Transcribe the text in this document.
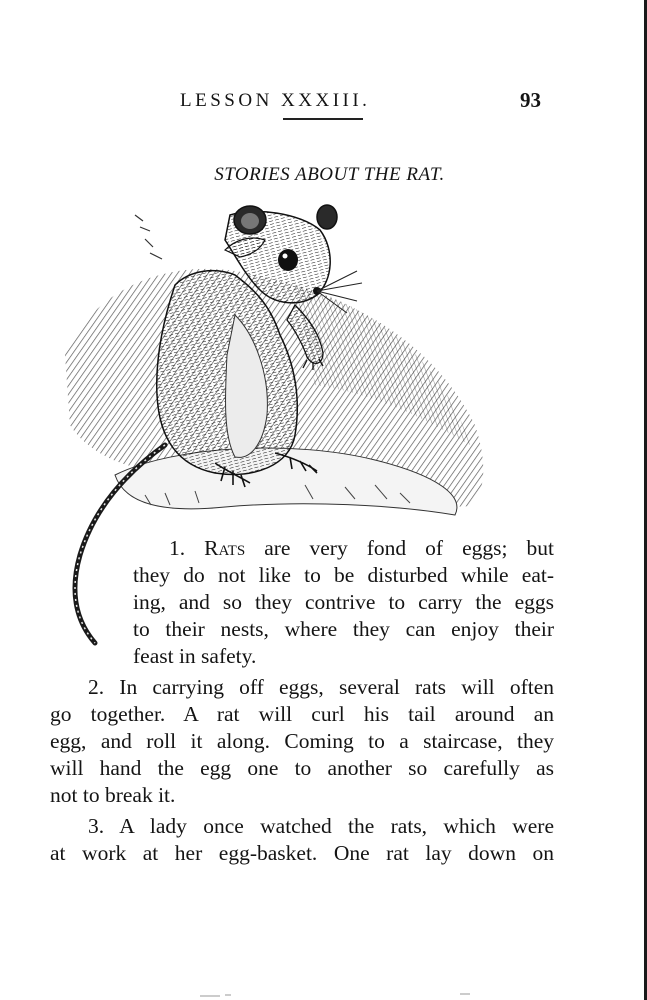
LESSON XXXIII.	93
STORIES ABOUT THE RAT.
1. Rats are very fond of eggs; but
they do not like to be disturbed while eat-
ing, and so they contrive to carry the eggs
to their nests, where they can enjoy their
feast in safety.
2. In carrying off eggs, several rats will often
go together. A rat will curl his tail around an
egg, and roll it along. Coming to a staircase, they
will hand the egg one to another so carefully as
not to break it.
3. A lady once watched the rats, which were
at work at her egg-basket. One rat lay down on
